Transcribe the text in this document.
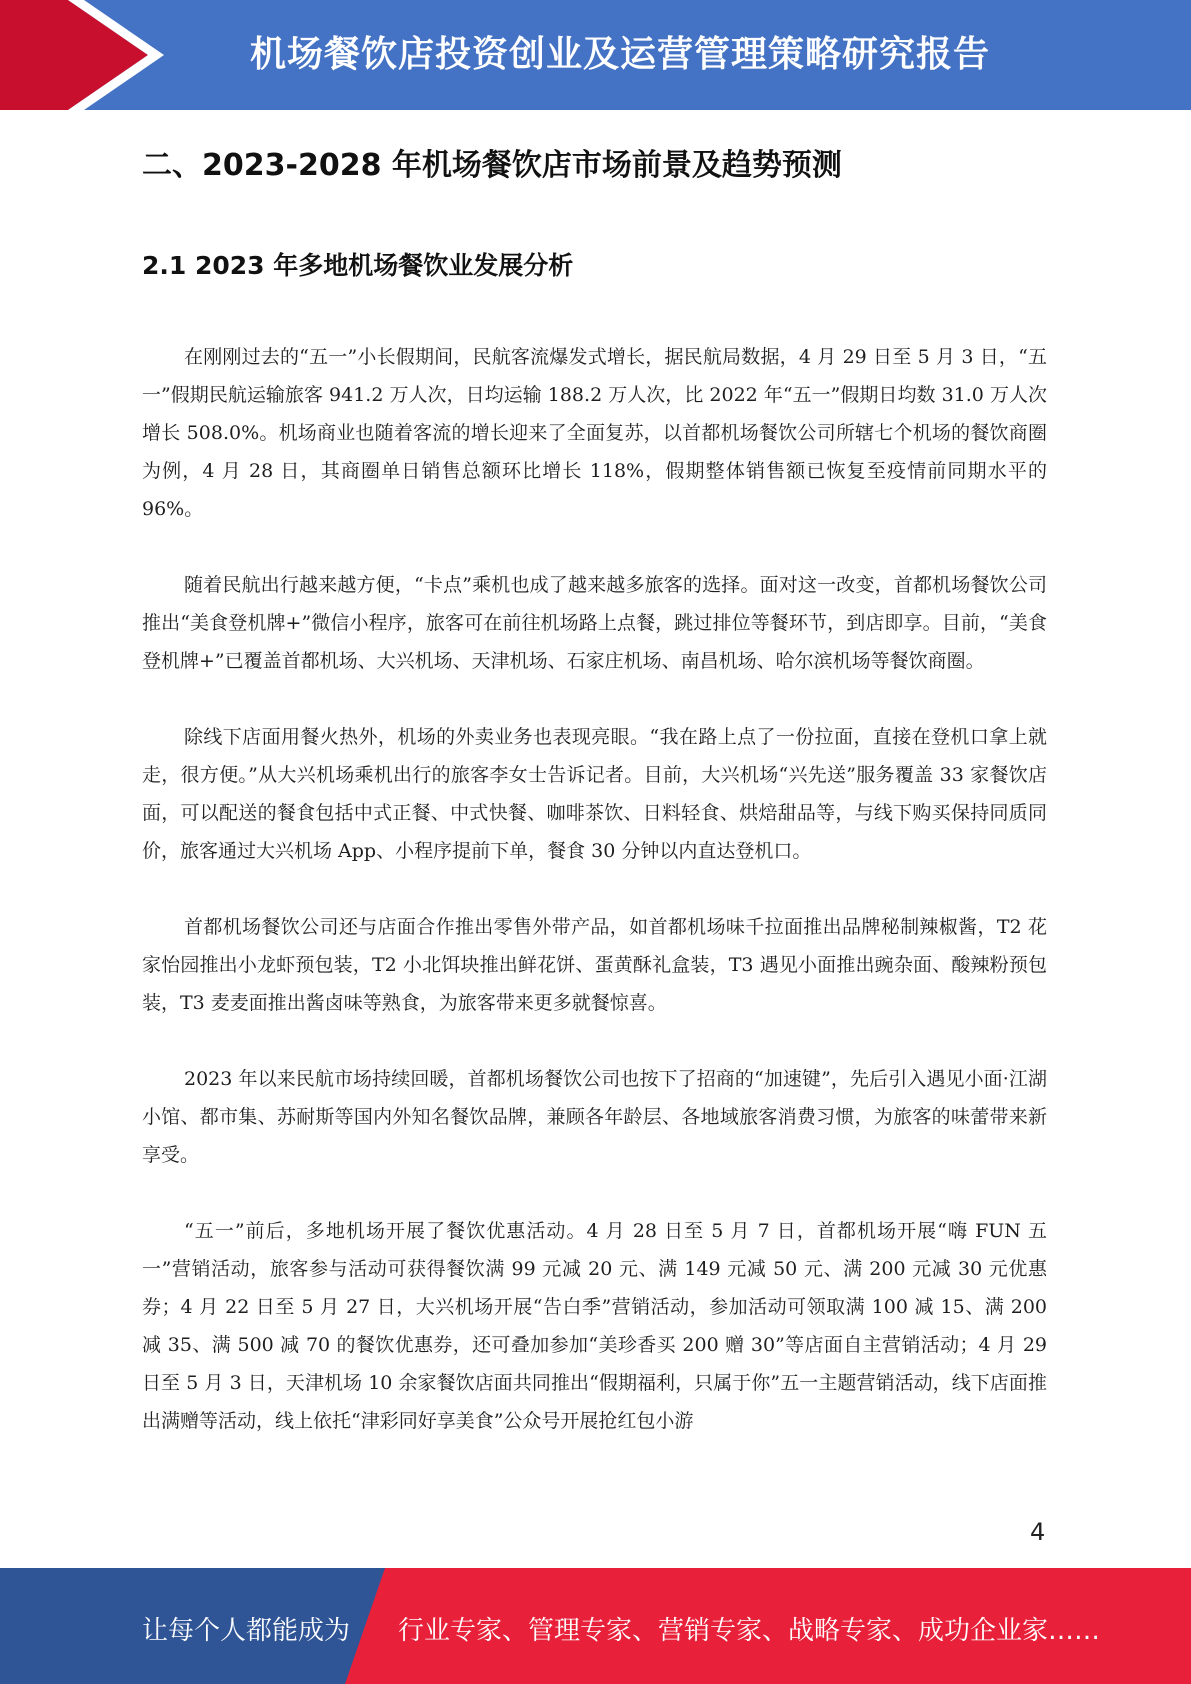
机场餐饮店投资创业及运营管理策略研究报告
二、2023-2028 年机场餐饮店市场前景及趋势预测
2.1 2023 年多地机场餐饮业发展分析

在刚刚过去的“五一”小长假期间，民航客流爆发式增长，据民航局数据，4 月 29 日至 5 月 3 日，“五一”假期民航运输旅客 941.2 万人次，日均运输 188.2 万人次，比 2022 年“五一”假期日均数 31.0 万人次增长 508.0%。机场商业也随着客流的增长迎来了全面复苏，以首都机场餐饮公司所辖七个机场的餐饮商圈为例，4 月 28 日，其商圈单日销售总额环比增长 118%，假期整体销售额已恢复至疫情前同期水平的 96%。

随着民航出行越来越方便，“卡点”乘机也成了越来越多旅客的选择。面对这一改变，首都机场餐饮公司推出“美食登机牌+”微信小程序，旅客可在前往机场路上点餐，跳过排位等餐环节，到店即享。目前，“美食登机牌+”已覆盖首都机场、大兴机场、天津机场、石家庄机场、南昌机场、哈尔滨机场等餐饮商圈。

除线下店面用餐火热外，机场的外卖业务也表现亮眼。“我在路上点了一份拉面，直接在登机口拿上就走，很方便。”从大兴机场乘机出行的旅客李女士告诉记者。目前，大兴机场“兴先送”服务覆盖 33 家餐饮店面，可以配送的餐食包括中式正餐、中式快餐、咖啡茶饮、日料轻食、烘焙甜品等，与线下购买保持同质同价，旅客通过大兴机场 App、小程序提前下单，餐食 30 分钟以内直达登机口。

首都机场餐饮公司还与店面合作推出零售外带产品，如首都机场味千拉面推出品牌秘制辣椒酱，T2 花家怡园推出小龙虾预包装，T2 小北饵块推出鲜花饼、蛋黄酥礼盒装，T3 遇见小面推出豌杂面、酸辣粉预包装，T3 麦麦面推出酱卤味等熟食，为旅客带来更多就餐惊喜。

2023 年以来民航市场持续回暖，首都机场餐饮公司也按下了招商的“加速键”，先后引入遇见小面·江湖小馆、都市集、苏耐斯等国内外知名餐饮品牌，兼顾各年龄层、各地域旅客消费习惯，为旅客的味蕾带来新享受。

“五一”前后，多地机场开展了餐饮优惠活动。4 月 28 日至 5 月 7 日，首都机场开展“嗨 FUN 五一”营销活动，旅客参与活动可获得餐饮满 99 元减 20 元、满 149 元减 50 元、满 200 元减 30 元优惠券；4 月 22 日至 5 月 27 日，大兴机场开展“告白季”营销活动，参加活动可领取满 100 减 15、满 200 减 35、满 500 减 70 的餐饮优惠券，还可叠加参加“美珍香买 200 赠 30”等店面自主营销活动；4 月 29 日至 5 月 3 日，天津机场 10 余家餐饮店面共同推出“假期福利，只属于你”五一主题营销活动，线下店面推出满赠等活动，线上依托“津彩同好享美食”公众号开展抢红包小游

4
让每个人都能成为 行业专家、管理专家、营销专家、战略专家、成功企业家……
